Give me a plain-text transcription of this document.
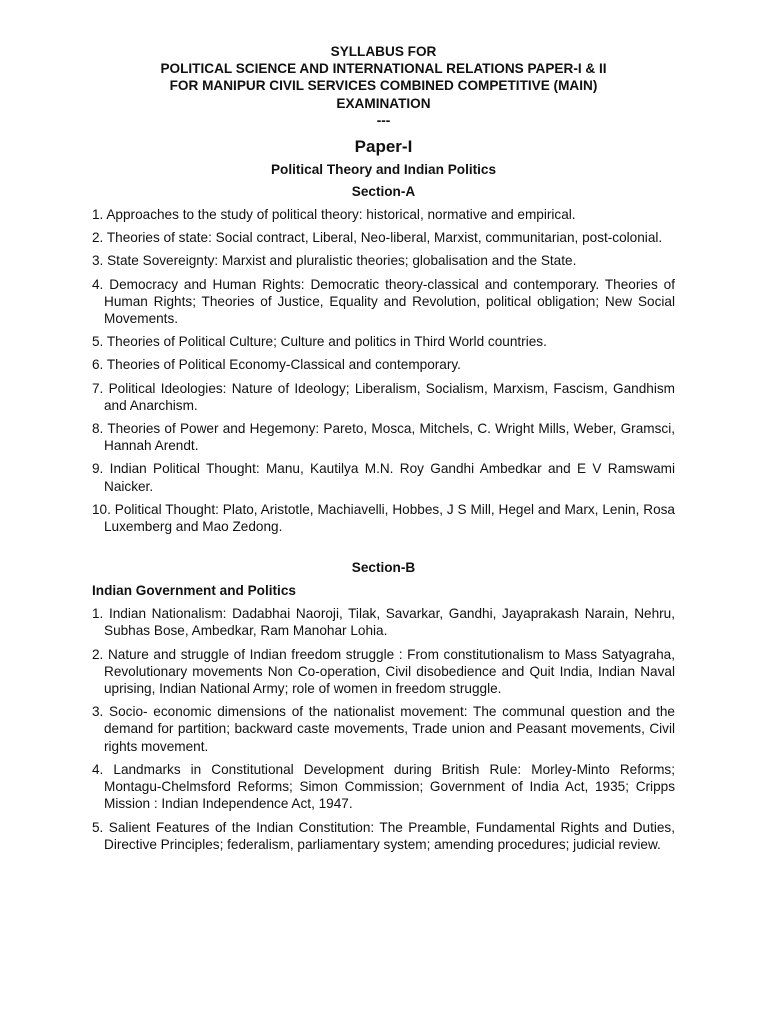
SYLLABUS FOR
POLITICAL SCIENCE AND INTERNATIONAL RELATIONS PAPER-I & II
FOR MANIPUR CIVIL SERVICES COMBINED COMPETITIVE (MAIN)
EXAMINATION
---
Paper-I
Political Theory and Indian Politics
Section-A
1. Approaches to the study of political theory: historical, normative and empirical.
2. Theories of state: Social contract, Liberal, Neo-liberal, Marxist, communitarian, post-colonial.
3. State Sovereignty: Marxist and pluralistic theories; globalisation and the State.
4. Democracy and Human Rights: Democratic theory-classical and contemporary. Theories of Human Rights; Theories of Justice, Equality and Revolution, political obligation; New Social Movements.
5. Theories of Political Culture; Culture and politics in Third World countries.
6. Theories of Political Economy-Classical and contemporary.
7. Political Ideologies: Nature of Ideology; Liberalism, Socialism, Marxism, Fascism, Gandhism and Anarchism.
8. Theories of Power and Hegemony: Pareto, Mosca, Mitchels, C. Wright Mills, Weber, Gramsci, Hannah Arendt.
9. Indian Political Thought: Manu, Kautilya M.N. Roy Gandhi Ambedkar and E V Ramswami Naicker.
10. Political Thought: Plato, Aristotle, Machiavelli, Hobbes, J S Mill, Hegel and Marx, Lenin, Rosa Luxemberg and Mao Zedong.
Section-B
Indian Government and Politics
1. Indian Nationalism: Dadabhai Naoroji, Tilak, Savarkar, Gandhi, Jayaprakash Narain, Nehru, Subhas Bose, Ambedkar, Ram Manohar Lohia.
2. Nature and struggle of Indian freedom struggle : From constitutionalism to Mass Satyagraha, Revolutionary movements Non Co-operation, Civil disobedience and Quit India, Indian Naval uprising, Indian National Army; role of women in freedom struggle.
3. Socio- economic dimensions of the nationalist movement: The communal question and the demand for partition; backward caste movements, Trade union and Peasant movements, Civil rights movement.
4. Landmarks in Constitutional Development during British Rule: Morley-Minto Reforms; Montagu-Chelmsford Reforms; Simon Commission; Government of India Act, 1935; Cripps Mission : Indian Independence Act, 1947.
5. Salient Features of the Indian Constitution: The Preamble, Fundamental Rights and Duties, Directive Principles; federalism, parliamentary system; amending procedures; judicial review.
